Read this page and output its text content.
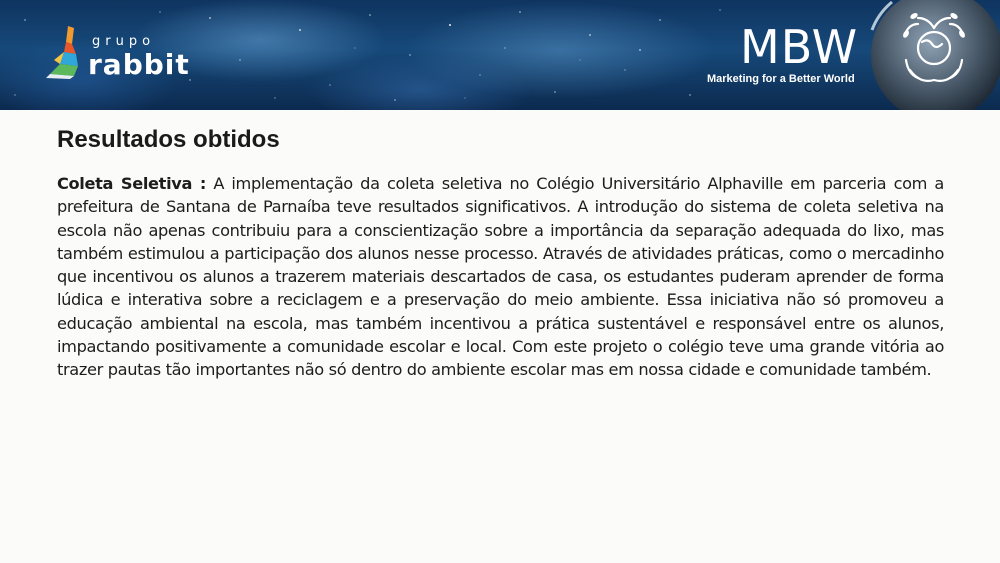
grupo
rabbit	MBW
Marketing for a Better World
Resultados obtidos

Coleta Seletiva : A implementação da coleta seletiva no Colégio Universitário Alphaville em parceria com a prefeitura de Santana de Parnaíba teve resultados significativos. A introdução do sistema de coleta seletiva na escola não apenas contribuiu para a conscientização sobre a importância da separação adequada do lixo, mas também estimulou a participação dos alunos nesse processo. Através de atividades práticas, como o mercadinho que incentivou os alunos a trazerem materiais descartados de casa, os estudantes puderam aprender de forma lúdica e interativa sobre a reciclagem e a preservação do meio ambiente. Essa iniciativa não só promoveu a educação ambiental na escola, mas também incentivou a prática sustentável e responsável entre os alunos, impactando positivamente a comunidade escolar e local. Com este projeto o colégio teve uma grande vitória ao trazer pautas tão importantes não só dentro do ambiente escolar mas em nossa cidade e comunidade também.
